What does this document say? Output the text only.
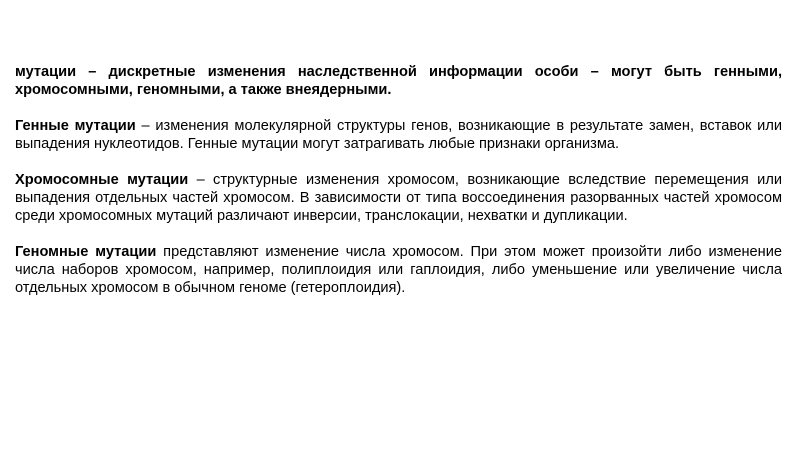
мутации – дискретные изменения наследственной информации особи – могут быть генными, хромосомными, геномными, а также внеядерными.

Генные мутации – изменения молекулярной структуры генов, возникающие в результате замен, вставок или выпадения нуклеотидов. Генные мутации могут затрагивать любые признаки организма.

Хромосомные мутации – структурные изменения хромосом, возникающие вследствие перемещения или выпадения отдельных частей хромосом. В зависимости от типа воссоединения разорванных частей хромосом среди хромосомных мутаций различают инверсии, транслокации, нехватки и дупликации.

Геномные мутации представляют изменение числа хромосом. При этом может произойти либо изменение числа наборов хромосом, например, полиплоидия или гаплоидия, либо уменьшение или увеличение числа отдельных хромосом в обычном геноме (гетероплоидия).
